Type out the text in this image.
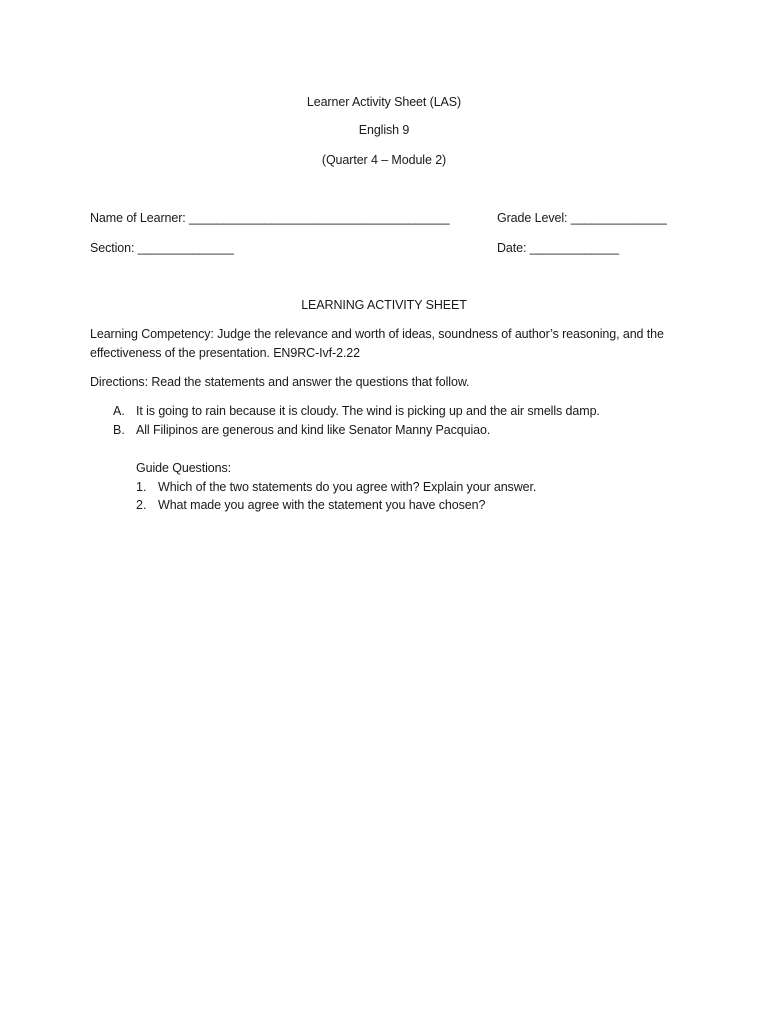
Learner Activity Sheet (LAS)
English 9
(Quarter 4 – Module 2)
Name of Learner: ______________________________________	Grade Level: ______________
Section: ______________	Date: _____________
LEARNING ACTIVITY SHEET
Learning Competency: Judge the relevance and worth of ideas, soundness of author’s reasoning, and the effectiveness of the presentation. EN9RC-Ivf-2.22
Directions: Read the statements and answer the questions that follow.
A. It is going to rain because it is cloudy. The wind is picking up and the air smells damp.
B. All Filipinos are generous and kind like Senator Manny Pacquiao.
Guide Questions:
1. Which of the two statements do you agree with? Explain your answer.
2. What made you agree with the statement you have chosen?
